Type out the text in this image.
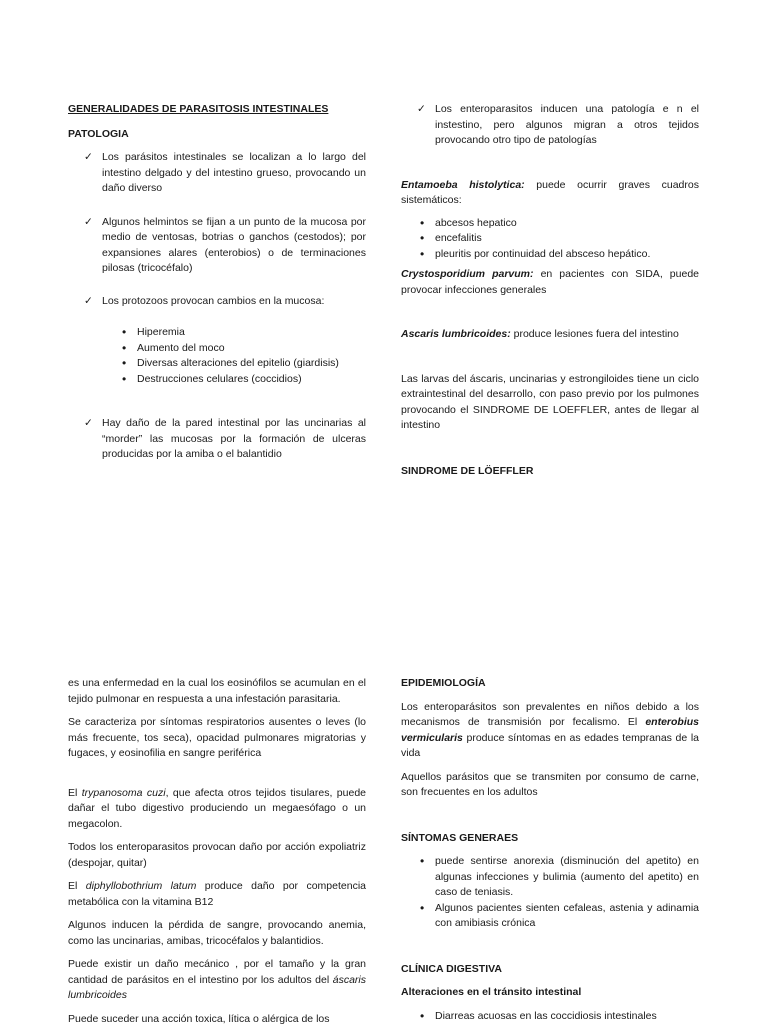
GENERALIDADES DE PARASITOSIS INTESTINALES

PATOLOGIA

✓ Los parásitos intestinales se localizan a lo largo del intestino delgado y del intestino grueso, provocando un daño diverso
✓ Algunos helmintos se fijan a un punto de la mucosa por medio de ventosas, botrias o ganchos (cestodos); por expansiones alares (enterobios) o de terminaciones pilosas (tricocéfalo)
✓ Los protozoos provocan cambios en la mucosa:
• Hiperemia
• Aumento del moco
• Diversas alteraciones del epitelio (giardisis)
• Destrucciones celulares (coccidios)
✓ Hay daño de la pared intestinal por las uncinarias al “morder” las mucosas por la formación de ulceras producidas por la amiba o el balantidio
✓ Los enteroparasitos inducen una patología e n el instestino, pero algunos migran a otros tejidos provocando otro tipo de patologías

Entamoeba histolytica: puede ocurrir graves cuadros sistemáticos:

• abcesos hepatico
• encefalitis
• pleuritis por continuidad del absceso hepático.

Crystosporidium parvum: en pacientes con SIDA, puede provocar infecciones generales

Ascaris lumbricoides: produce lesiones fuera del intestino

Las larvas del áscaris, uncinarias y estrongiloides tiene un ciclo extraintestinal del desarrollo, con paso previo por los pulmones provocando el SINDROME DE LOEFFLER, antes de llegar al intestino

SINDROME DE LÖEFFLER

es una enfermedad en la cual los eosinófilos se acumulan en el tejido pulmonar en respuesta a una infestación parasitaria.

Se caracteriza por síntomas respiratorios ausentes o leves (lo más frecuente, tos seca), opacidad pulmonares migratorias y fugaces, y eosinofilia en sangre periférica

El trypanosoma cuzi, que afecta otros tejidos tisulares, puede dañar el tubo digestivo produciendo un megaesófago o un megacolon.

Todos los enteroparasitos provocan daño por acción expoliatriz (despojar, quitar)

El diphyllobothrium latum produce daño por competencia metabólica con la vitamina B12

Algunos inducen la pérdida de sangre, provocando anemia, como las uncinarias, amibas, tricocéfalos y balantidios.

Puede existir un daño mecánico , por el tamaño y la gran cantidad de parásitos en el intestino por los adultos del áscaris lumbricoides

Puede suceder una acción toxica, lítica o alérgica de los

EPIDEMIOLOGÍA

Los enteroparásitos son prevalentes en niños debido a los mecanismos de transmisión por fecalismo. El enterobius vermicularis produce síntomas en as edades tempranas de la vida

Aquellos parásitos que se transmiten por consumo de carne, son frecuentes en los adultos

SÍNTOMAS GENERAES

• puede sentirse anorexia (disminución del apetito) en algunas infecciones y bulimia (aumento del apetito) en caso de teniasis.
• Algunos pacientes sienten cefaleas, astenia y adinamia con amibiasis crónica

CLÍNICA DIGESTIVA

Alteraciones en el tránsito intestinal

• Diarreas acuosas en las coccidiosis intestinales
